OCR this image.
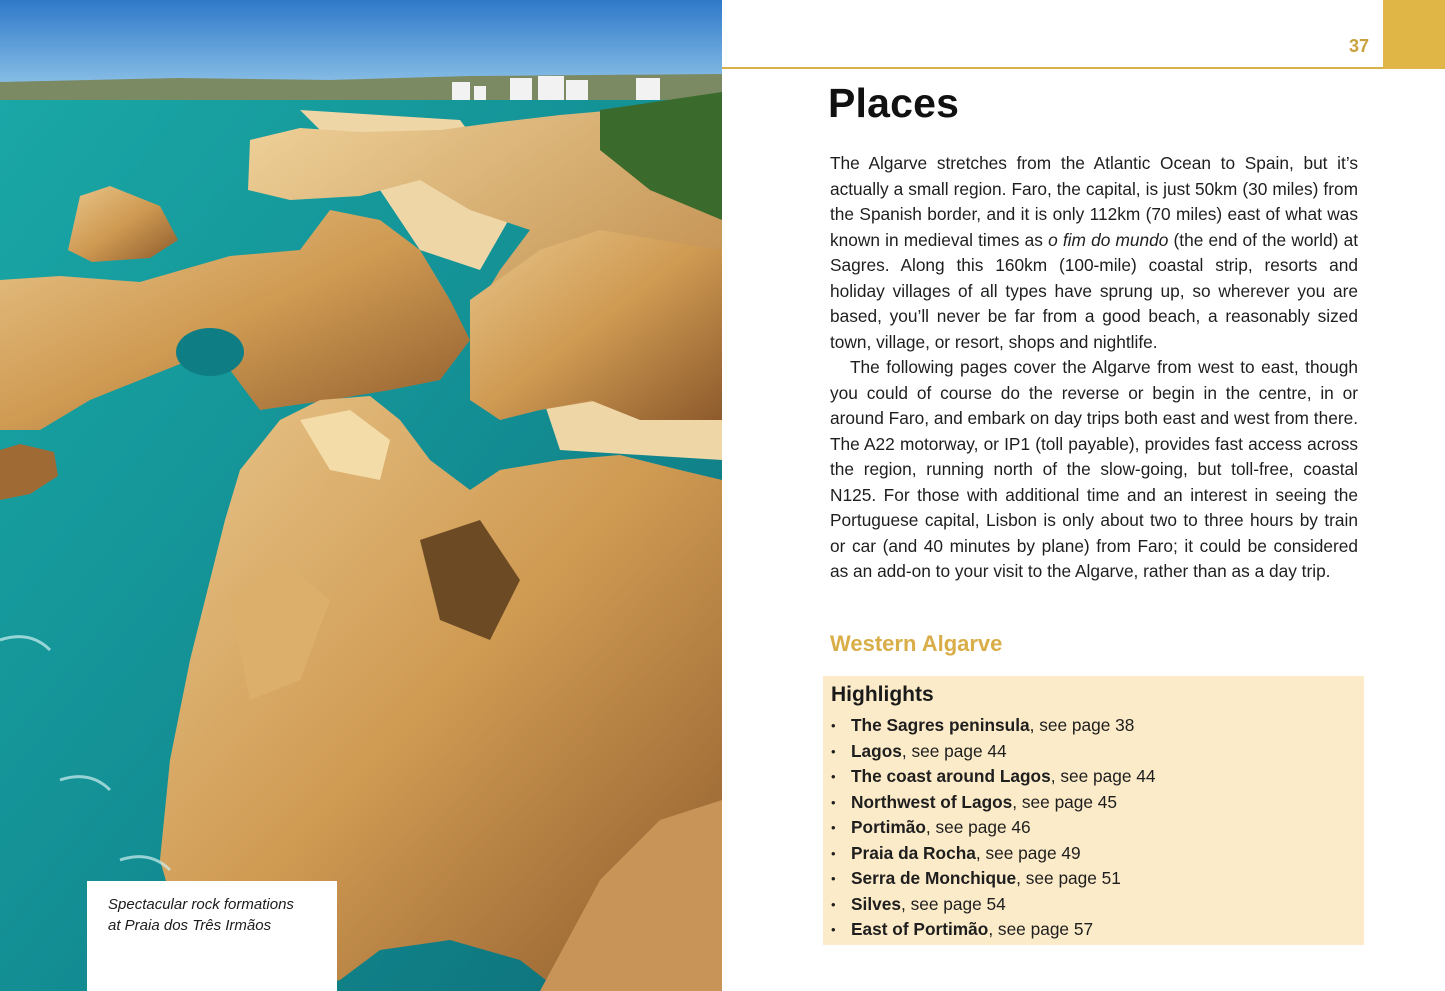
Spectacular rock formations

at Praia dos Três Irmãos

37
Places

The Algarve stretches from the Atlantic Ocean to Spain, but it’s actually a small region. Faro, the capital, is just 50km (30 miles) from the Spanish border, and it is only 112km (70 miles) east of what was known in medieval times as o fim do mundo (the end of the world) at Sagres. Along this 160km (100-mile) coastal strip, resorts and holiday villages of all types have sprung up, so wherever you are based, you’ll never be far from a good beach, a reasonably sized town, village, or resort, shops and nightlife.

The following pages cover the Algarve from west to east, though you could of course do the reverse or begin in the centre, in or around Faro, and embark on day trips both east and west from there. The A22 motorway, or IP1 (toll payable), provides fast access across the region, running north of the slow-going, but toll-free, coastal N125. For those with additional time and an interest in seeing the Portuguese capital, Lisbon is only about two to three hours by train or car (and 40 minutes by plane) from Faro; it could be considered as an add-on to your visit to the Algarve, rather than as a day trip.

Western Algarve
Highlights
• The Sagres peninsula, see page 38
• Lagos, see page 44
• The coast around Lagos, see page 44
• Northwest of Lagos, see page 45
• Portimão, see page 46
• Praia da Rocha, see page 49
• Serra de Monchique, see page 51
• Silves, see page 54
• East of Portimão, see page 57
